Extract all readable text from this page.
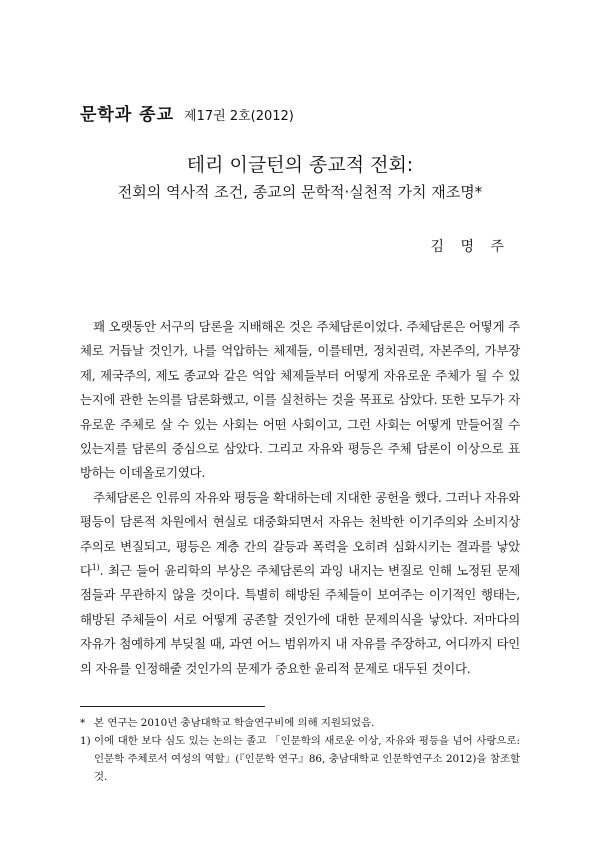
문학과 종교 제17권 2호(2012)
테리 이글턴의 종교적 전회:
전회의 역사적 조건, 종교의 문학적·실천적 가치 재조명*
김 명 주

꽤 오랫동안 서구의 담론을 지배해온 것은 주체담론이었다. 주체담론은 어떻게 주체로 거듭날 것인가, 나를 억압하는 체제들, 이를테면, 정치권력, 자본주의, 가부장제, 제국주의, 제도 종교와 같은 억압 체제들부터 어떻게 자유로운 주체가 될 수 있는지에 관한 논의를 담론화했고, 이를 실천하는 것을 목표로 삼았다. 또한 모두가 자유로운 주체로 살 수 있는 사회는 어떤 사회이고, 그런 사회는 어떻게 만들어질 수 있는지를 담론의 중심으로 삼았다. 그리고 자유와 평등은 주체 담론이 이상으로 표방하는 이데올로기였다.

주체담론은 인류의 자유와 평등을 확대하는데 지대한 공헌을 했다. 그러나 자유와 평등이 담론적 차원에서 현실로 대중화되면서 자유는 천박한 이기주의와 소비지상주의로 변질되고, 평등은 계층 간의 갈등과 폭력을 오히려 심화시키는 결과를 낳았다$^{1)}$. 최근 들어 윤리학의 부상은 주체담론의 과잉 내지는 변질로 인해 노정된 문제점들과 무관하지 않을 것이다. 특별히 해방된 주체들이 보여주는 이기적인 행태는, 해방된 주체들이 서로 어떻게 공존할 것인가에 대한 문제의식을 낳았다. 저마다의 자유가 첨예하게 부딪칠 때, 과연 어느 범위까지 내 자유를 주장하고, 어디까지 타인의 자유를 인정해줄 것인가의 문제가 중요한 윤리적 문제로 대두된 것이다.

* 본 연구는 2010년 충남대학교 학술연구비에 의해 지원되었음.
1) 이에 대한 보다 심도 있는 논의는 졸고 「인문학의 새로운 이상, 자유와 평등을 넘어 사랑으로: 인문학 주체로서 여성의 역할」(『인문학 연구』86, 충남대학교 인문학연구소 2012)을 참조할 것.
